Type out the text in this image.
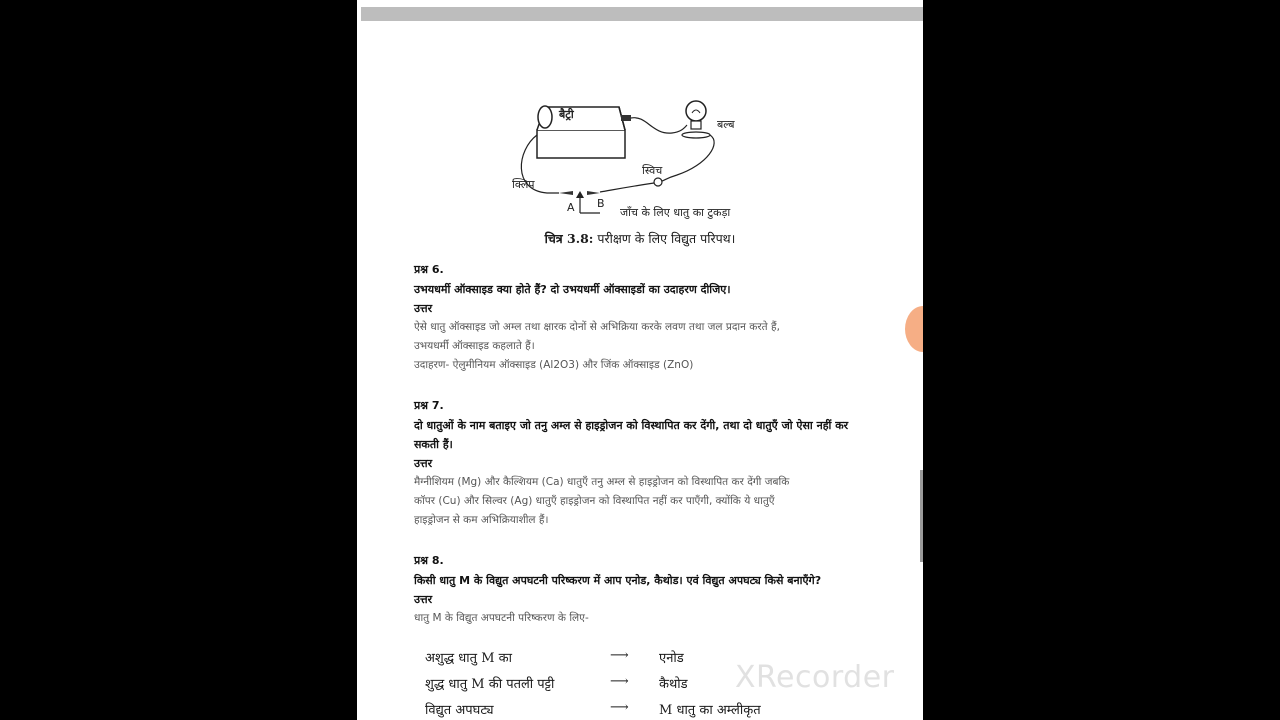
बैट्री
बल्ब
स्विच
क्लिप
A B
जाँच के लिए धातु का टुकड़ा
चित्र 3.8: परीक्षण के लिए विद्युत परिपथ।

प्रश्न 6.

उभयधर्मी ऑक्साइड क्या होते हैं? दो उभयधर्मी ऑक्साइडों का उदाहरण दीजिए।

उत्तर

ऐसे धातु ऑक्साइड जो अम्ल तथा क्षारक दोनों से अभिक्रिया करके लवण तथा जल प्रदान करते हैं,

उभयधर्मी ऑक्साइड कहलाते हैं।

उदाहरण- ऐलुमीनियम ऑक्साइड (Al2O3) और जिंक ऑक्साइड (ZnO)

प्रश्न 7.

दो धातुओं के नाम बताइए जो तनु अम्ल से हाइड्रोजन को विस्थापित कर देंगी, तथा दो धातुएँ जो ऐसा नहीं कर सकती हैं।

उत्तर

मैग्नीशियम (Mg) और कैल्शियम (Ca) धातुएँ तनु अम्ल से हाइड्रोजन को विस्थापित कर देंगी जबकि

कॉपर (Cu) और सिल्वर (Ag) धातुएँ हाइड्रोजन को विस्थापित नहीं कर पाएँगी, क्योंकि ये धातुएँ

हाइड्रोजन से कम अभिक्रियाशील हैं।

प्रश्न 8.

किसी धातु M के विद्युत अपघटनी परिष्करण में आप एनोड, कैथोड। एवं विद्युत अपघट्य किसे बनाएँगे?

उत्तर

धातु M के विद्युत अपघटनी परिष्करण के लिए-

अशुद्ध धातु M का	⟶ एनोड
शुद्ध धातु M की पतली पट्टी	⟶ कैथोड
विद्युत अपघट्य	⟶ M धातु का अम्लीकृत
XRecorder
